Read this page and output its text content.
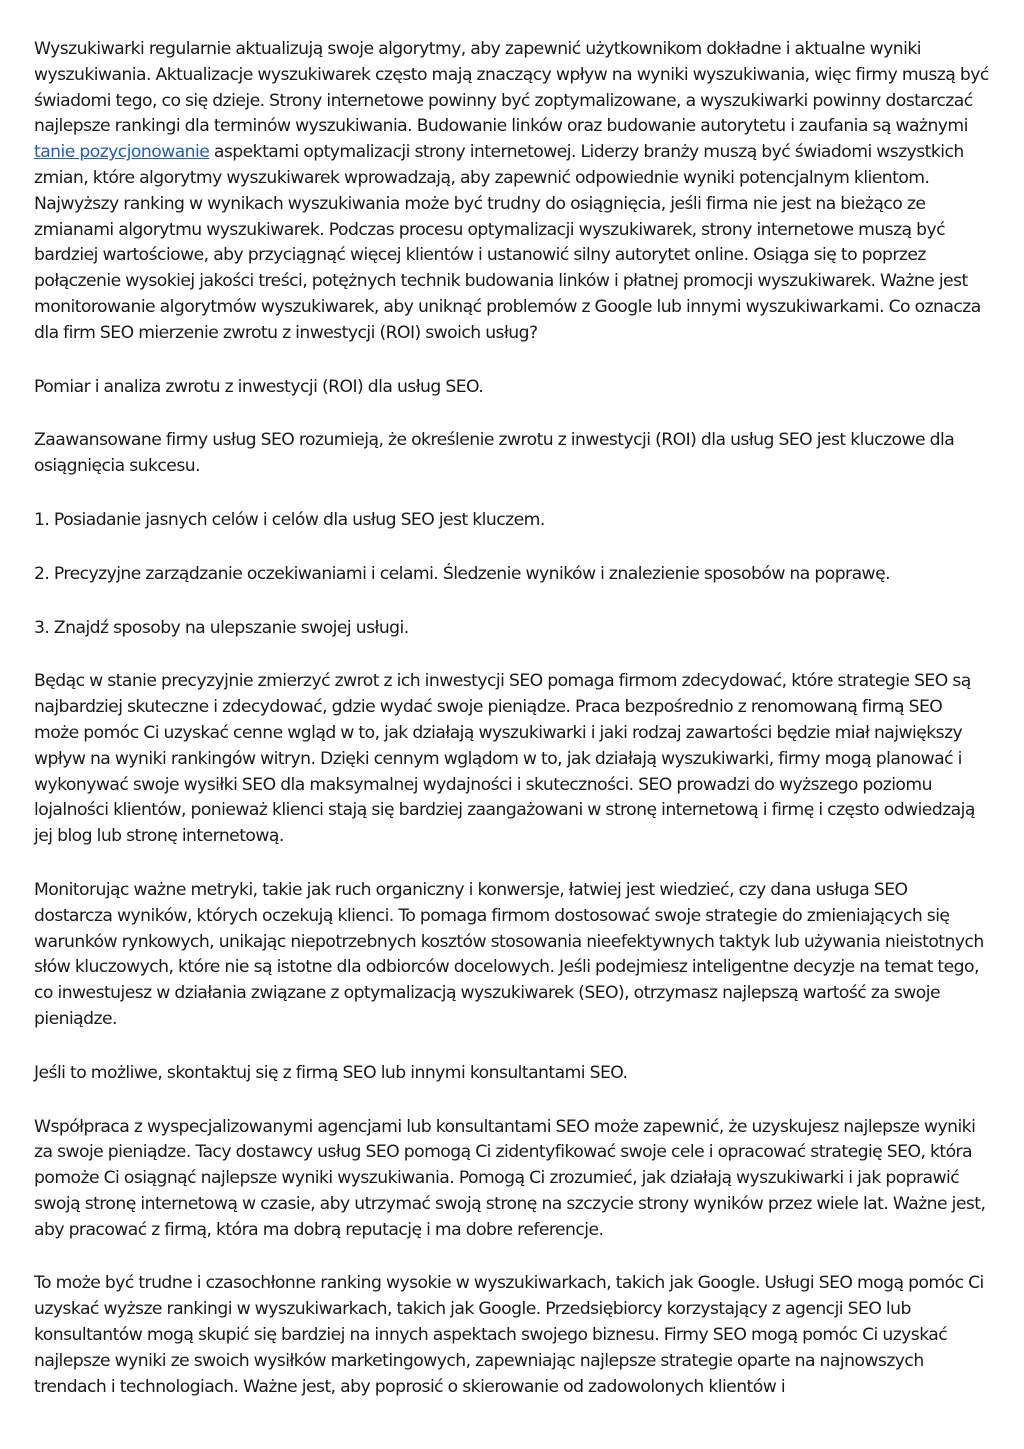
Wyszukiwarki regularnie aktualizują swoje algorytmy, aby zapewnić użytkownikom dokładne i aktualne wyniki wyszukiwania. Aktualizacje wyszukiwarek często mają znaczący wpływ na wyniki wyszukiwania, więc firmy muszą być świadomi tego, co się dzieje. Strony internetowe powinny być zoptymalizowane, a wyszukiwarki powinny dostarczać najlepsze rankingi dla terminów wyszukiwania. Budowanie linków oraz budowanie autorytetu i zaufania są ważnymi tanie pozycjonowanie aspektami optymalizacji strony internetowej. Liderzy branży muszą być świadomi wszystkich zmian, które algorytmy wyszukiwarek wprowadzają, aby zapewnić odpowiednie wyniki potencjalnym klientom. Najwyższy ranking w wynikach wyszukiwania może być trudny do osiągnięcia, jeśli firma nie jest na bieżąco ze zmianami algorytmu wyszukiwarek. Podczas procesu optymalizacji wyszukiwarek, strony internetowe muszą być bardziej wartościowe, aby przyciągnąć więcej klientów i ustanowić silny autorytet online. Osiąga się to poprzez połączenie wysokiej jakości treści, potężnych technik budowania linków i płatnej promocji wyszukiwarek. Ważne jest monitorowanie algorytmów wyszukiwarek, aby uniknąć problemów z Google lub innymi wyszukiwarkami. Co oznacza dla firm SEO mierzenie zwrotu z inwestycji (ROI) swoich usług?

Pomiar i analiza zwrotu z inwestycji (ROI) dla usług SEO.

Zaawansowane firmy usług SEO rozumieją, że określenie zwrotu z inwestycji (ROI) dla usług SEO jest kluczowe dla osiągnięcia sukcesu.

1. Posiadanie jasnych celów i celów dla usług SEO jest kluczem.

2. Precyzyjne zarządzanie oczekiwaniami i celami. Śledzenie wyników i znalezienie sposobów na poprawę.

3. Znajdź sposoby na ulepszanie swojej usługi.

Będąc w stanie precyzyjnie zmierzyć zwrot z ich inwestycji SEO pomaga firmom zdecydować, które strategie SEO są najbardziej skuteczne i zdecydować, gdzie wydać swoje pieniądze. Praca bezpośrednio z renomowaną firmą SEO może pomóc Ci uzyskać cenne wgląd w to, jak działają wyszukiwarki i jaki rodzaj zawartości będzie miał największy wpływ na wyniki rankingów witryn. Dzięki cennym wglądom w to, jak działają wyszukiwarki, firmy mogą planować i wykonywać swoje wysiłki SEO dla maksymalnej wydajności i skuteczności. SEO prowadzi do wyższego poziomu lojalności klientów, ponieważ klienci stają się bardziej zaangażowani w stronę internetową i firmę i często odwiedzają jej blog lub stronę internetową.

Monitorując ważne metryki, takie jak ruch organiczny i konwersje, łatwiej jest wiedzieć, czy dana usługa SEO dostarcza wyników, których oczekują klienci. To pomaga firmom dostosować swoje strategie do zmieniających się warunków rynkowych, unikając niepotrzebnych kosztów stosowania nieefektywnych taktyk lub używania nieistotnych słów kluczowych, które nie są istotne dla odbiorców docelowych. Jeśli podejmiesz inteligentne decyzje na temat tego, co inwestujesz w działania związane z optymalizacją wyszukiwarek (SEO), otrzymasz najlepszą wartość za swoje pieniądze.

Jeśli to możliwe, skontaktuj się z firmą SEO lub innymi konsultantami SEO.

Współpraca z wyspecjalizowanymi agencjami lub konsultantami SEO może zapewnić, że uzyskujesz najlepsze wyniki za swoje pieniądze. Tacy dostawcy usług SEO pomogą Ci zidentyfikować swoje cele i opracować strategię SEO, która pomoże Ci osiągnąć najlepsze wyniki wyszukiwania. Pomogą Ci zrozumieć, jak działają wyszukiwarki i jak poprawić swoją stronę internetową w czasie, aby utrzymać swoją stronę na szczycie strony wyników przez wiele lat. Ważne jest, aby pracować z firmą, która ma dobrą reputację i ma dobre referencje.

To może być trudne i czasochłonne ranking wysokie w wyszukiwarkach, takich jak Google. Usługi SEO mogą pomóc Ci uzyskać wyższe rankingi w wyszukiwarkach, takich jak Google. Przedsiębiorcy korzystający z agencji SEO lub konsultantów mogą skupić się bardziej na innych aspektach swojego biznesu. Firmy SEO mogą pomóc Ci uzyskać najlepsze wyniki ze swoich wysiłków marketingowych, zapewniając najlepsze strategie oparte na najnowszych trendach i technologiach. Ważne jest, aby poprosić o skierowanie od zadowolonych klientów i
